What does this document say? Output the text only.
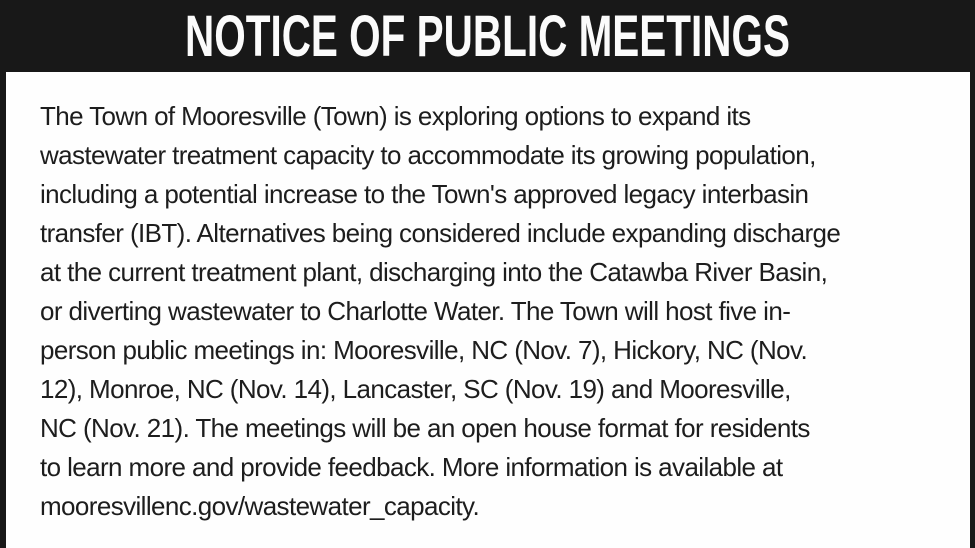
NOTICE OF PUBLIC MEETINGS
The Town of Mooresville (Town) is exploring options to expand its
wastewater treatment capacity to accommodate its growing population,
including a potential increase to the Town's approved legacy interbasin
transfer (IBT). Alternatives being considered include expanding discharge
at the current treatment plant, discharging into the Catawba River Basin,
or diverting wastewater to Charlotte Water. The Town will host five in-
person public meetings in: Mooresville, NC (Nov. 7), Hickory, NC (Nov.
12), Monroe, NC (Nov. 14), Lancaster, SC (Nov. 19) and Mooresville,
NC (Nov. 21). The meetings will be an open house format for residents
to learn more and provide feedback. More information is available at
mooresvillenc.gov/wastewater_capacity.
